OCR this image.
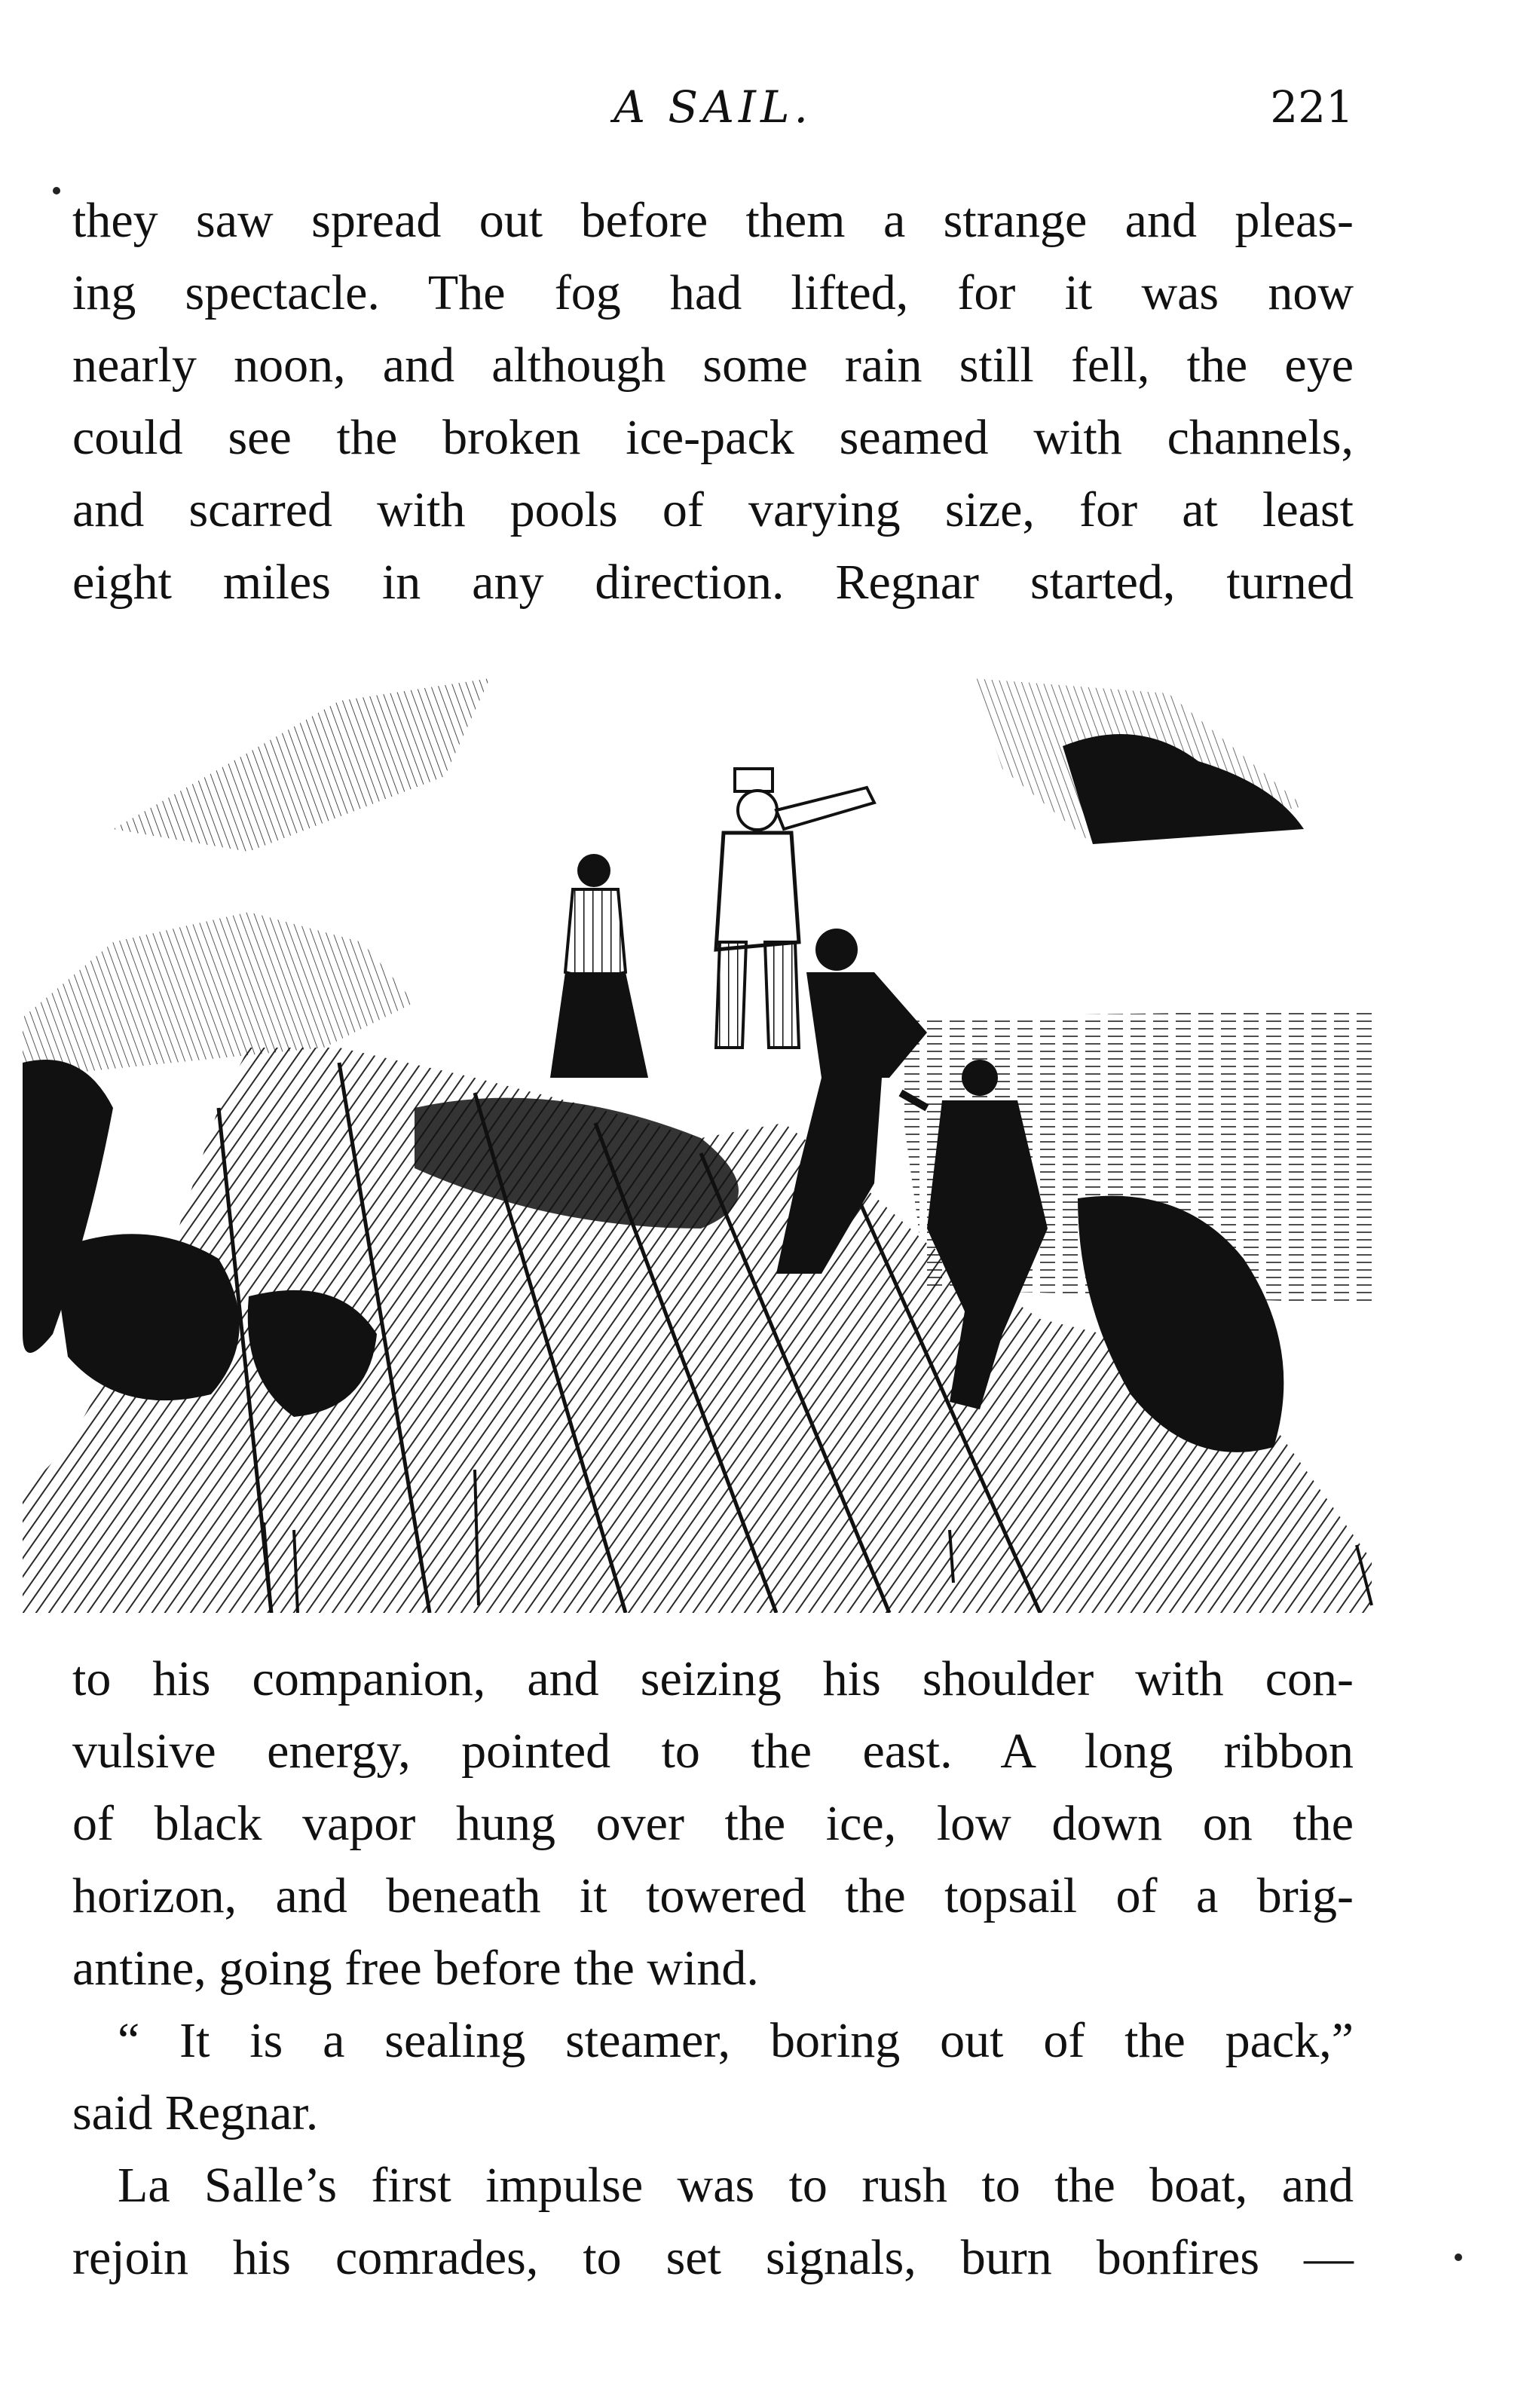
A SAIL.	221

they saw spread out before them a strange and pleas-
ing spectacle. The fog had lifted, for it was now
nearly noon, and although some rain still fell, the eye
could see the broken ice-pack seamed with channels,
and scarred with pools of varying size, for at least
eight miles in any direction. Regnar started, turned

to his companion, and seizing his shoulder with con-
vulsive energy, pointed to the east. A long ribbon
of black vapor hung over the ice, low down on the
horizon, and beneath it towered the topsail of a brig-
antine, going free before the wind.

“ It is a sealing steamer, boring out of the pack,”
said Regnar.

La Salle’s first impulse was to rush to the boat, and
rejoin his comrades, to set signals, burn bonfires —
